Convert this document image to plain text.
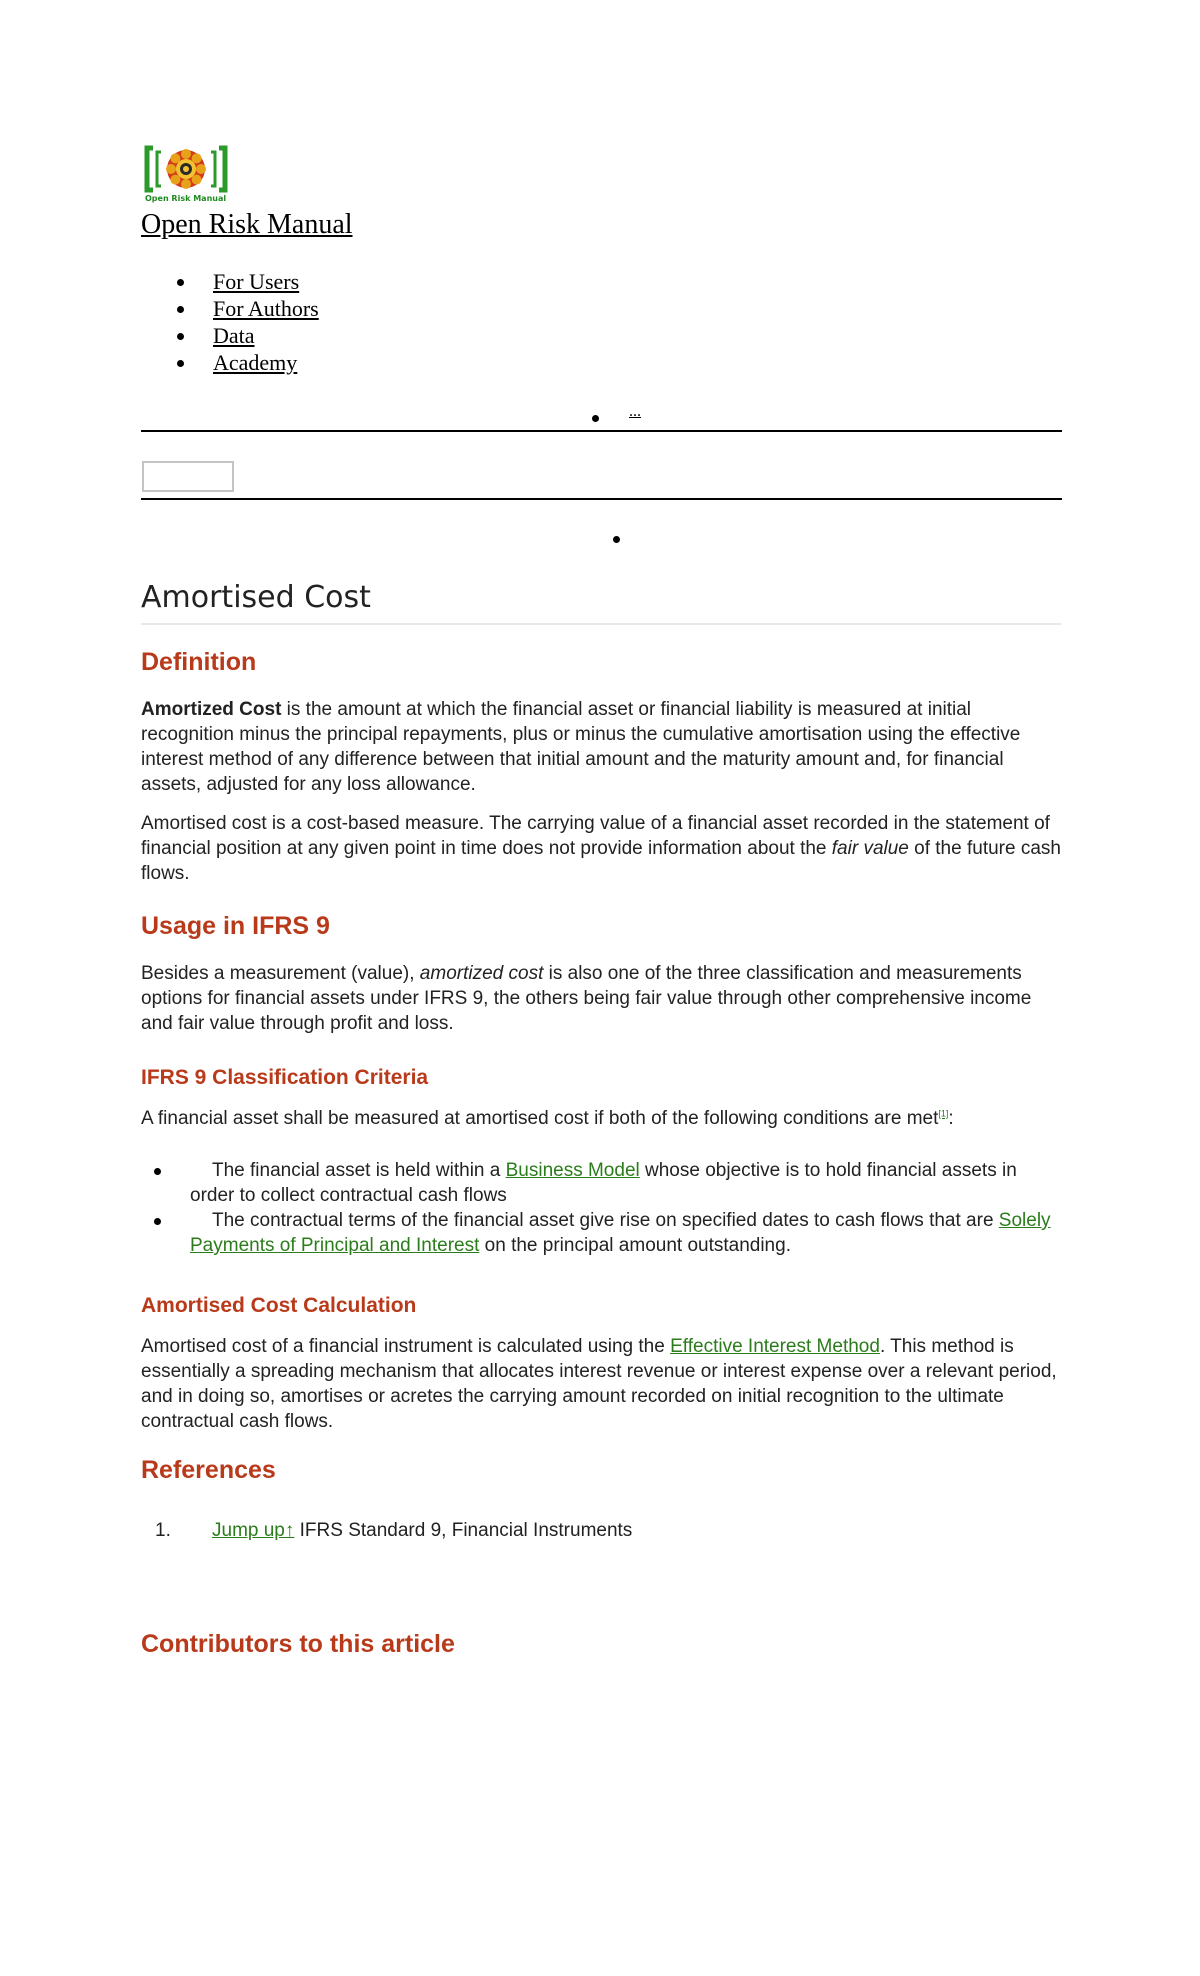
Open Risk Manual
Open Risk Manual
For Users
For Authors
Data
Academy
...
Amortised Cost
Definition

Amortized Cost is the amount at which the financial asset or financial liability is measured at initial recognition minus the principal repayments, plus or minus the cumulative amortisation using the effective interest method of any difference between that initial amount and the maturity amount and, for financial assets, adjusted for any loss allowance.

Amortised cost is a cost-based measure. The carrying value of a financial asset recorded in the statement of financial position at any given point in time does not provide information about the fair value of the future cash flows.

Usage in IFRS 9

Besides a measurement (value), amortized cost is also one of the three classification and measurements options for financial assets under IFRS 9, the others being fair value through other comprehensive income and fair value through profit and loss.

IFRS 9 Classification Criteria

A financial asset shall be measured at amortised cost if both of the following conditions are met[1]:

The financial asset is held within a Business Model whose objective is to hold financial assets in order to collect contractual cash flows
The contractual terms of the financial asset give rise on specified dates to cash flows that are Solely Payments of Principal and Interest on the principal amount outstanding.
Amortised Cost Calculation

Amortised cost of a financial instrument is calculated using the Effective Interest Method. This method is essentially a spreading mechanism that allocates interest revenue or interest expense over a relevant period, and in doing so, amortises or acretes the carrying amount recorded on initial recognition to the ultimate contractual cash flows.

References
1. Jump up↑ IFRS Standard 9, Financial Instruments
Contributors to this article
